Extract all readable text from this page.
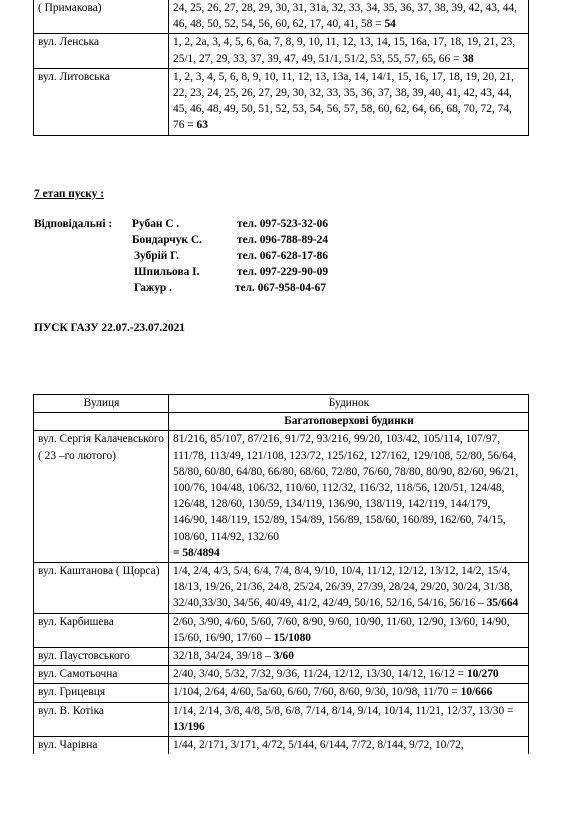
( Примакова)	24, 25, 26, 27, 28, 29, 30, 31, 31а, 32, 33, 34, 35, 36, 37, 38, 39, 42, 43, 44, 46, 48, 50, 52, 54, 56, 60, 62, 17, 40, 41, 58 = 54
вул. Ленська	1, 2, 2а, 3, 4, 5, 6, 6а, 7, 8, 9, 10, 11, 12, 13, 14, 15, 16а, 17, 18, 19, 21, 23, 25/1, 27, 29, 33, 37, 39, 47, 49, 51/1, 51/2, 53, 55, 57, 65, 66 = 38
вул. Литовська	1, 2, 3, 4, 5, 6, 8, 9, 10, 11, 12, 13, 13а, 14, 14/1, 15, 16, 17, 18, 19, 20, 21, 22, 23, 24, 25, 26, 27, 29, 30, 32, 33, 35, 36, 37, 38, 39, 40, 41, 42, 43, 44, 45, 46, 48, 49, 50, 51, 52, 53, 54, 56, 57, 58, 60, 62, 64, 66, 68, 70, 72, 74, 76 = 63
7 етап пуску :
Відповідальні : Рубан С .	тел. 097-523-32-06
Бондарчук С.	тел. 096-788-89-24
Зубрій Г.	тел. 067-628-17-86
Шпильова І.	тел. 097-229-90-09
Гажур .	тел. 067-958-04-67
ПУСК ГАЗУ 22.07.-23.07.2021
Вулиця	Будинок
	Багатоповерхові будинки
вул. Сергія Калачевського ( 23 –го лютого)	81/216, 85/107, 87/216, 91/72, 93/216, 99/20, 103/42, 105/114, 107/97, 111/78, 113/49, 121/108, 123/72, 125/162, 127/162, 129/108, 52/80, 56/64, 58/80, 60/80, 64/80, 66/80, 68/60, 72/80, 76/60, 78/80, 80/90, 82/60, 96/21, 100/76, 104/48, 106/32, 110/60, 112/32, 116/32, 118/56, 120/51, 124/48, 126/48, 128/60, 130/59, 134/119, 136/90, 138/119, 142/119, 144/179, 146/90, 148/119, 152/89, 154/89, 156/89, 158/60, 160/89, 162/60, 74/15, 108/60, 114/92, 132/60
= 58/4894
вул. Каштанова ( Щорса)	1/4, 2/4, 4/3, 5/4, 6/4, 7/4, 8/4, 9/10, 10/4, 11/12, 12/12, 13/12, 14/2, 15/4, 18/13, 19/26, 21/36, 24/8, 25/24, 26/39, 27/39, 28/24, 29/20, 30/24, 31/38, 32/40,33/30, 34/56, 40/49, 41/2, 42/49, 50/16, 52/16, 54/16, 56/16 – 35/664
вул. Карбишева	2/60, 3/90, 4/60, 5/60, 7/60, 8/90, 9/60, 10/90, 11/60, 12/90, 13/60, 14/90, 15/60, 16/90, 17/60 – 15/1080
вул. Паустовського	32/18, 34/24, 39/18 – 3/60
вул. Самотьочна	2/40, 3/40, 5/32, 7/32, 9/36, 11/24, 12/12, 13/30, 14/12, 16/12 = 10/270
вул. Грицевця	1/104, 2/64, 4/60, 5а/60, 6/60, 7/60, 8/60, 9/30, 10/98, 11/70 = 10/666
вул. В. Котіка	1/14, 2/14, 3/8, 4/8, 5/8, 6/8, 7/14, 8/14, 9/14, 10/14, 11/21, 12/37, 13/30 = 13/196
вул. Чарівна	1/44, 2/171, 3/171, 4/72, 5/144, 6/144, 7/72, 8/144, 9/72, 10/72,
